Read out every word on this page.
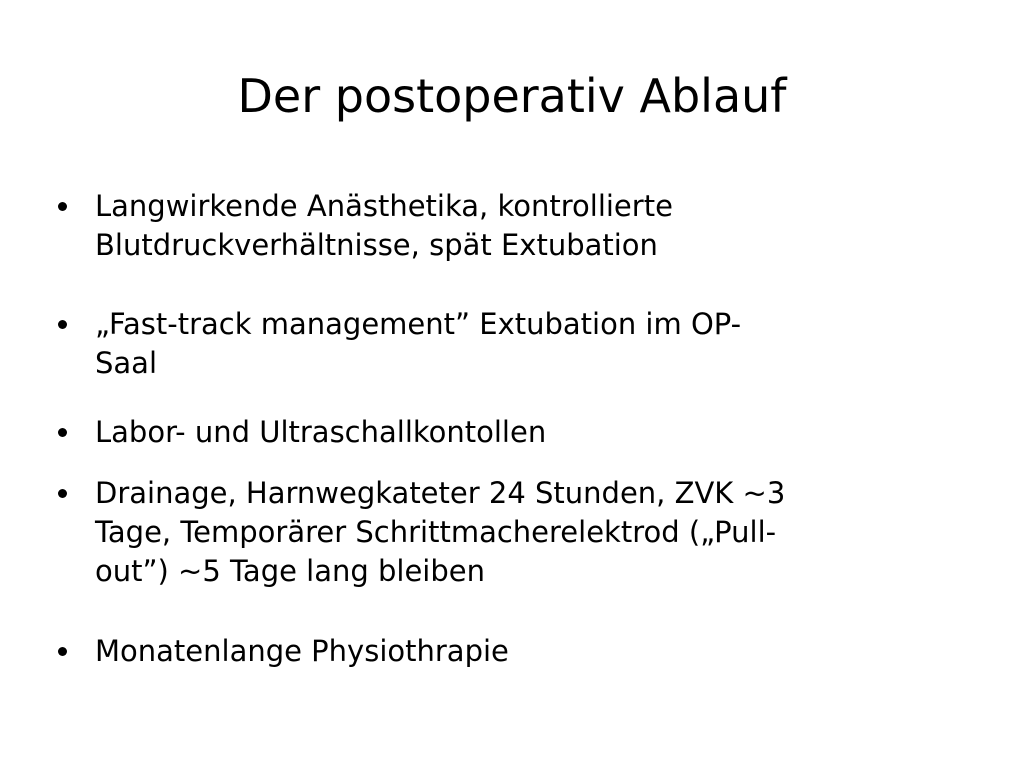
Der postoperativ Ablauf
Langwirkende Anästhetika, kontrollierte
Blutdruckverhältnisse, spät Extubation
„Fast-track management” Extubation im OP-
Saal
Labor- und Ultraschallkontollen
Drainage, Harnwegkateter 24 Stunden, ZVK ~3
Tage, Temporärer Schrittmacherelektrod („Pull-
out”) ~5 Tage lang bleiben
Monatenlange Physiothrapie
